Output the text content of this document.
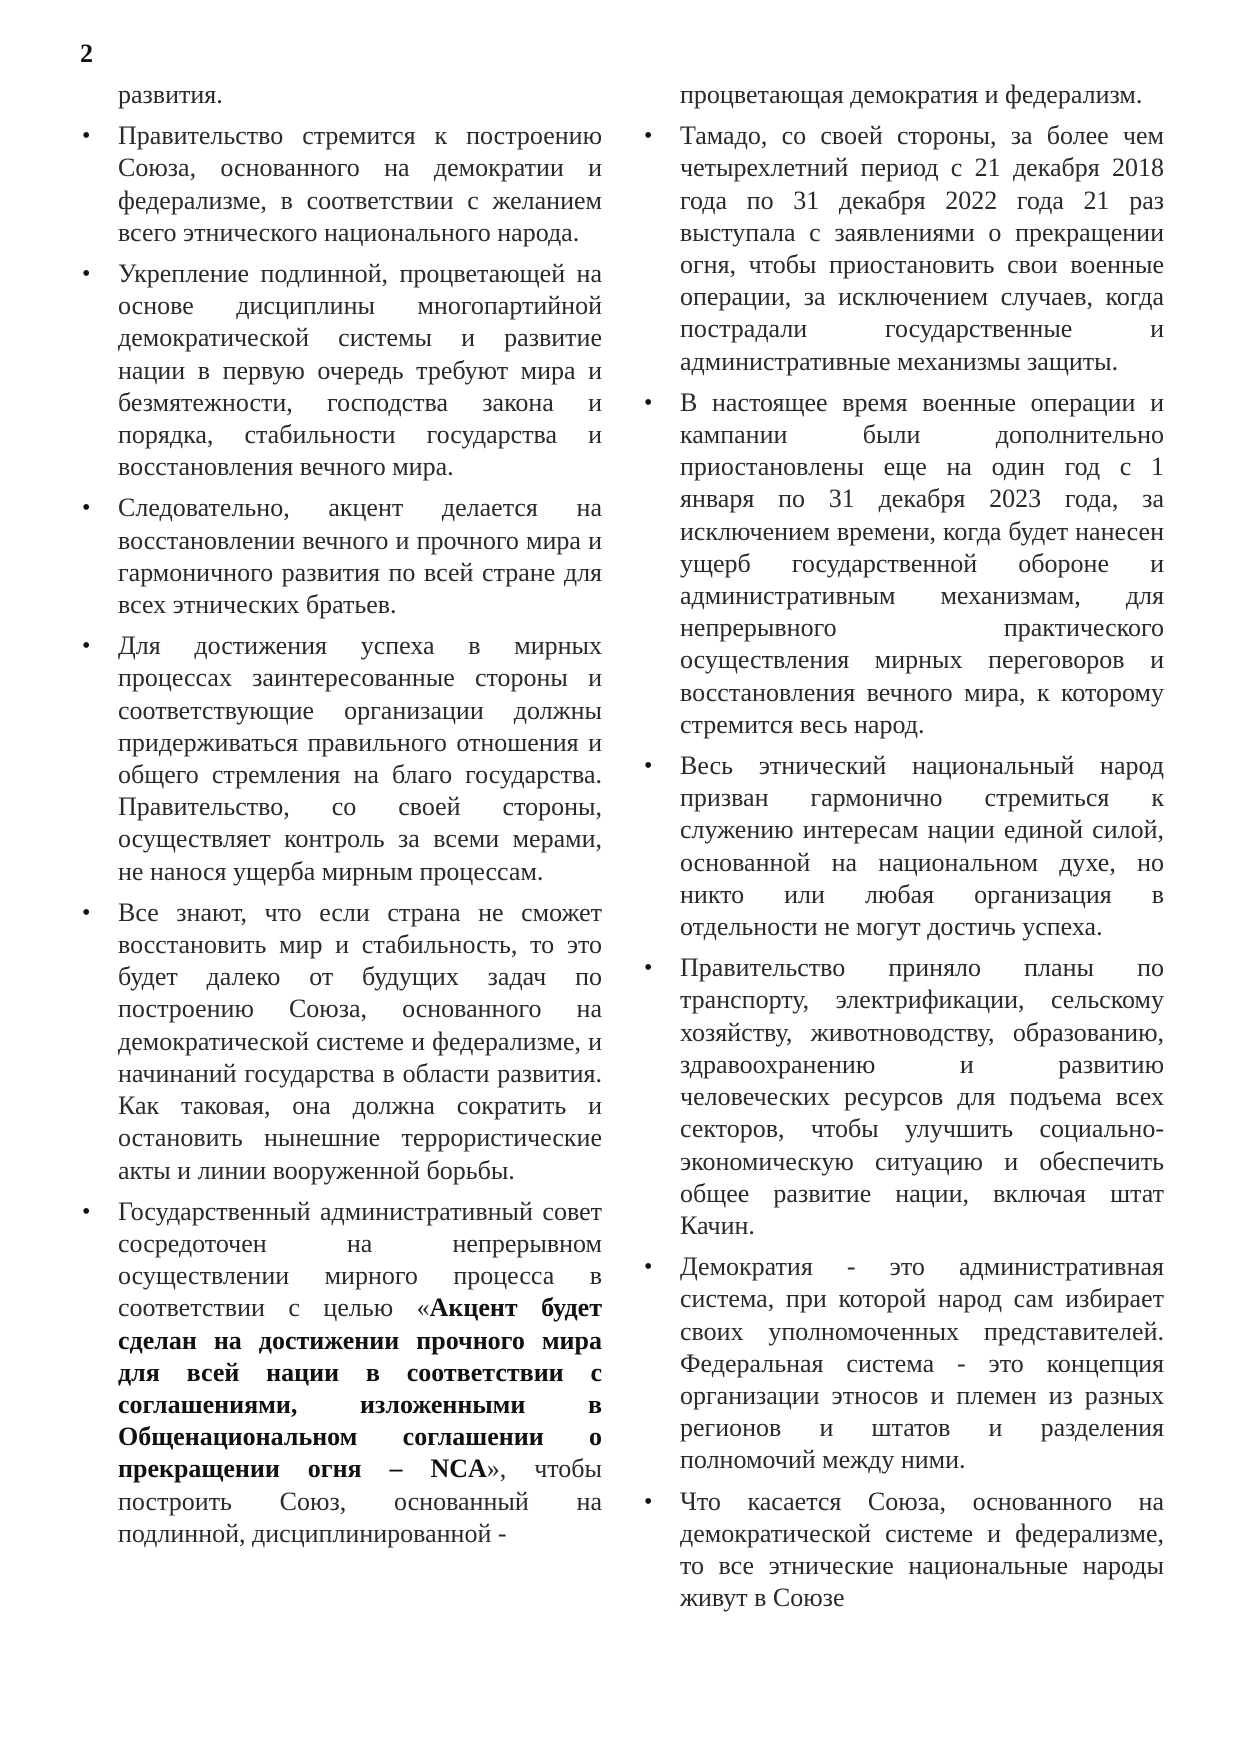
2

развития.

• Правительство стремится к построению Союза, основанного на демократии и федерализме, в соответствии с желанием всего этнического национального народа.
• Укрепление подлинной, процветающей на основе дисциплины многопартийной демократической системы и развитие нации в первую очередь требуют мира и безмятежности, господства закона и порядка, стабильности государства и восстановления вечного мира.
• Следовательно, акцент делается на восстановлении вечного и прочного мира и гармоничного развития по всей стране для всех этнических братьев.
• Для достижения успеха в мирных процессах заинтересованные стороны и соответствующие организации должны придерживаться правильного отношения и общего стремления на благо государства. Правительство, со своей стороны, осуществляет контроль за всеми мерами, не нанося ущерба мирным процессам.
• Все знают, что если страна не сможет восстановить мир и стабильность, то это будет далеко от будущих задач по построению Союза, основанного на демократической системе и федерализме, и начинаний государства в области развития. Как таковая, она должна сократить и остановить нынешние террористические акты и линии вооруженной борьбы.
• Государственный административный совет сосредоточен на непрерывном осуществлении мирного процесса в соответствии с целью «Акцент будет сделан на достижении прочного мира для всей нации в соответствии с соглашениями, изложенными в Общенациональном соглашении о прекращении огня – NCA», чтобы построить Союз, основанный на подлинной, дисциплинированной -

процветающая демократия и федерализм.

• Тамадо, со своей стороны, за более чем четырехлетний период с 21 декабря 2018 года по 31 декабря 2022 года 21 раз выступала с заявлениями о прекращении огня, чтобы приостановить свои военные операции, за исключением случаев, когда пострадали государственные и административные механизмы защиты.
• В настоящее время военные операции и кампании были дополнительно приостановлены еще на один год с 1 января по 31 декабря 2023 года, за исключением времени, когда будет нанесен ущерб государственной обороне и административным механизмам, для непрерывного практического осуществления мирных переговоров и восстановления вечного мира, к которому стремится весь народ.
• Весь этнический национальный народ призван гармонично стремиться к служению интересам нации единой силой, основанной на национальном духе, но никто или любая организация в отдельности не могут достичь успеха.
• Правительство приняло планы по транспорту, электрификации, сельскому хозяйству, животноводству, образованию, здравоохранению и развитию человеческих ресурсов для подъема всех секторов, чтобы улучшить социально-экономическую ситуацию и обеспечить общее развитие нации, включая штат Качин.
• Демократия - это административная система, при которой народ сам избирает своих уполномоченных представителей. Федеральная система - это концепция организации этносов и племен из разных регионов и штатов и разделения полномочий между ними.
• Что касается Союза, основанного на демократической системе и федерализме, то все этнические национальные народы живут в Союзе
